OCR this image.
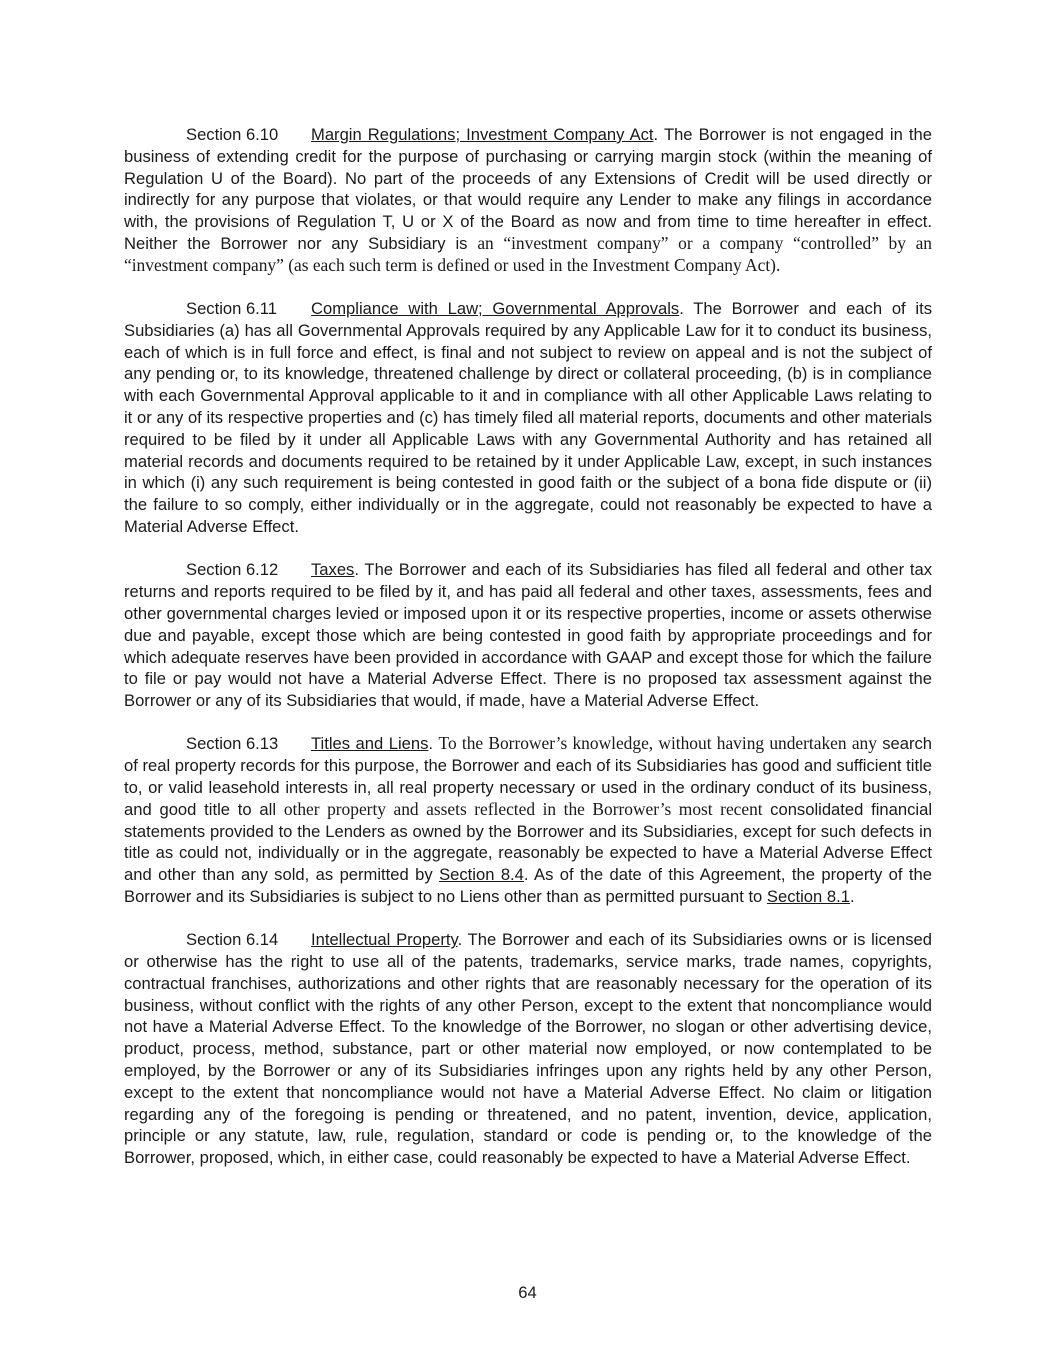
Section 6.10 Margin Regulations; Investment Company Act. The Borrower is not engaged in the business of extending credit for the purpose of purchasing or carrying margin stock (within the meaning of Regulation U of the Board). No part of the proceeds of any Extensions of Credit will be used directly or indirectly for any purpose that violates, or that would require any Lender to make any filings in accordance with, the provisions of Regulation T, U or X of the Board as now and from time to time hereafter in effect. Neither the Borrower nor any Subsidiary is an “investment company” or a company “controlled” by an “investment company” (as each such term is defined or used in the Investment Company Act).

Section 6.11 Compliance with Law; Governmental Approvals. The Borrower and each of its Subsidiaries (a) has all Governmental Approvals required by any Applicable Law for it to conduct its business, each of which is in full force and effect, is final and not subject to review on appeal and is not the subject of any pending or, to its knowledge, threatened challenge by direct or collateral proceeding, (b) is in compliance with each Governmental Approval applicable to it and in compliance with all other Applicable Laws relating to it or any of its respective properties and (c) has timely filed all material reports, documents and other materials required to be filed by it under all Applicable Laws with any Governmental Authority and has retained all material records and documents required to be retained by it under Applicable Law, except, in such instances in which (i) any such requirement is being contested in good faith or the subject of a bona fide dispute or (ii) the failure to so comply, either individually or in the aggregate, could not reasonably be expected to have a Material Adverse Effect.

Section 6.12 Taxes. The Borrower and each of its Subsidiaries has filed all federal and other tax returns and reports required to be filed by it, and has paid all federal and other taxes, assessments, fees and other governmental charges levied or imposed upon it or its respective properties, income or assets otherwise due and payable, except those which are being contested in good faith by appropriate proceedings and for which adequate reserves have been provided in accordance with GAAP and except those for which the failure to file or pay would not have a Material Adverse Effect. There is no proposed tax assessment against the Borrower or any of its Subsidiaries that would, if made, have a Material Adverse Effect.

Section 6.13 Titles and Liens. To the Borrower’s knowledge, without having undertaken any search of real property records for this purpose, the Borrower and each of its Subsidiaries has good and sufficient title to, or valid leasehold interests in, all real property necessary or used in the ordinary conduct of its business, and good title to all other property and assets reflected in the Borrower’s most recent consolidated financial statements provided to the Lenders as owned by the Borrower and its Subsidiaries, except for such defects in title as could not, individually or in the aggregate, reasonably be expected to have a Material Adverse Effect and other than any sold, as permitted by Section 8.4. As of the date of this Agreement, the property of the Borrower and its Subsidiaries is subject to no Liens other than as permitted pursuant to Section 8.1.

Section 6.14 Intellectual Property. The Borrower and each of its Subsidiaries owns or is licensed or otherwise has the right to use all of the patents, trademarks, service marks, trade names, copyrights, contractual franchises, authorizations and other rights that are reasonably necessary for the operation of its business, without conflict with the rights of any other Person, except to the extent that noncompliance would not have a Material Adverse Effect. To the knowledge of the Borrower, no slogan or other advertising device, product, process, method, substance, part or other material now employed, or now contemplated to be employed, by the Borrower or any of its Subsidiaries infringes upon any rights held by any other Person, except to the extent that noncompliance would not have a Material Adverse Effect. No claim or litigation regarding any of the foregoing is pending or threatened, and no patent, invention, device, application, principle or any statute, law, rule, regulation, standard or code is pending or, to the knowledge of the Borrower, proposed, which, in either case, could reasonably be expected to have a Material Adverse Effect.

64
